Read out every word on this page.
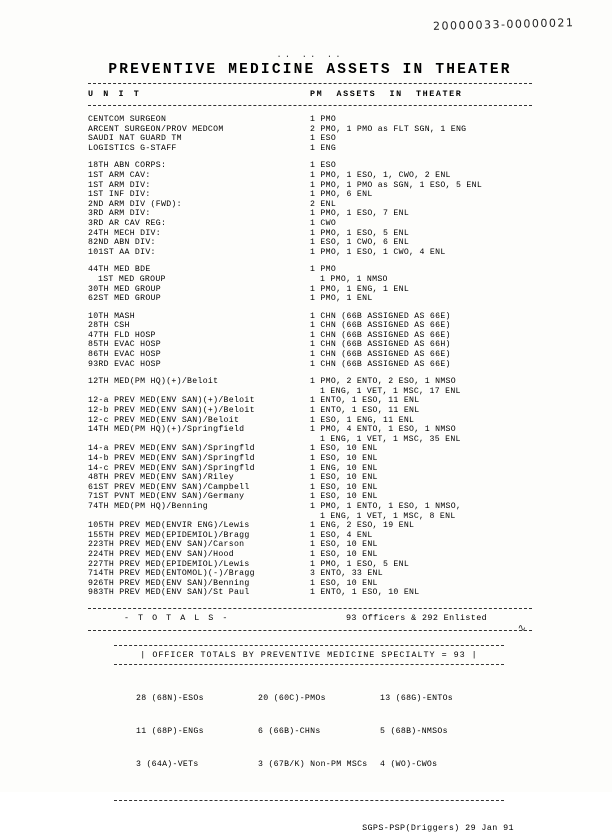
20000033-00000021
·· ·· ··
PREVENTIVE MEDICINE ASSETS IN THEATER
U N I T	PM  ASSETS  IN  THEATER
CENTCOM SURGEON	1 PMO
ARCENT SURGEON/PROV MEDCOM	2 PMO, 1 PMO as FLT SGN, 1 ENG
SAUDI NAT GUARD TM	1 ESO
LOGISTICS G-STAFF	1 ENG
18TH ABN CORPS:	1 ESO
1ST ARM CAV:	1 PMO, 1 ESO, 1, CWO, 2 ENL
1ST ARM DIV:	1 PMO, 1 PMO as SGN, 1 ESO, 5 ENL
1ST INF DIV:	1 PMO, 6 ENL
2ND ARM DIV (FWD):	2 ENL
3RD ARM DIV:	1 PMO, 1 ESO, 7 ENL
3RD AR CAV REG:	1 CWO
24TH MECH DIV:	1 PMO, 1 ESO, 5 ENL
82ND ABN DIV:	1 ESO, 1 CWO, 6 ENL
101ST AA DIV:	1 PMO, 1 ESO, 1 CWO, 4 ENL
44TH MED BDE	1 PMO
1ST MED GROUP	1 PMO, 1 NMSO
30TH MED GROUP	1 PMO, 1 ENG, 1 ENL
62ST MED GROUP	1 PMO, 1 ENL
10TH MASH	1 CHN (66B ASSIGNED AS 66E)
28TH CSH	1 CHN (66B ASSIGNED AS 66E)
47TH FLD HOSP	1 CHN (66B ASSIGNED AS 66E)
85TH EVAC HOSP	1 CHN (66B ASSIGNED AS 66H)
86TH EVAC HOSP	1 CHN (66B ASSIGNED AS 66E)
93RD EVAC HOSP	1 CHN (66B ASSIGNED AS 66E)
12TH MED(PM HQ)(+)/Beloit	1 PMO, 2 ENTO, 2 ESO, 1 NMSO
1 ENG, 1 VET, 1 MSC, 17 ENL
12-a PREV MED(ENV SAN)(+)/Beloit	1 ENTO, 1 ESO, 11 ENL
12-b PREV MED(ENV SAN)(+)/Beloit	1 ENTO, 1 ESO, 11 ENL
12-c PREV MED(ENV SAN)/Beloit	1 ESO, 1 ENG, 11 ENL
14TH MED(PM HQ)(+)/Springfield	1 PMO, 4 ENTO, 1 ESO, 1 NMSO
1 ENG, 1 VET, 1 MSC, 35 ENL
14-a PREV MED(ENV SAN)/Springfld	1 ESO, 10 ENL
14-b PREV MED(ENV SAN)/Springfld	1 ESO, 10 ENL
14-c PREV MED(ENV SAN)/Springfld	1 ENG, 10 ENL
48TH PREV MED(ENV SAN)/Riley	1 ESO, 10 ENL
61ST PREV MED(ENV SAN)/Campbell	1 ESO, 10 ENL
71ST PVNT MED(ENV SAN)/Germany	1 ESO, 10 ENL
74TH MED(PM HQ)/Benning	1 PMO, 1 ENTO, 1 ESO, 1 NMSO,
1 ENG, 1 VET, 1 MSC, 8 ENL
105TH PREV MED(ENVIR ENG)/Lewis	1 ENG, 2 ESO, 19 ENL
155TH PREV MED(EPIDEMIOL)/Bragg	1 ESO, 4 ENL
223TH PREV MED(ENV SAN)/Carson	1 ESO, 10 ENL
224TH PREV MED(ENV SAN)/Hood	1 ESO, 10 ENL
227TH PREV MED(EPIDEMIOL)/Lewis	1 PMO, 1 ESO, 5 ENL
714TH PREV MED(ENTOMOL)(-)/Bragg	3 ENTO, 33 ENL
926TH PREV MED(ENV SAN)/Benning	1 ESO, 10 ENL
983TH PREV MED(ENV SAN)/St Paul	1 ENTO, 1 ESO, 10 ENL
- T O T A L S -	93 Officers & 292 Enlisted
∿
| OFFICER TOTALS BY PREVENTIVE MEDICINE SPECIALTY = 93 |

28 (68N)-ESOs	20 (60C)-PMOs	13 (68G)-ENTOs

11 (68P)-ENGs	6 (66B)-CHNs	5 (68B)-NMSOs

3 (64A)-VETs	3 (67B/K) Non-PM MSCs	4 (WO)-CWOs

SGPS-PSP(Driggers) 29 Jan 91
